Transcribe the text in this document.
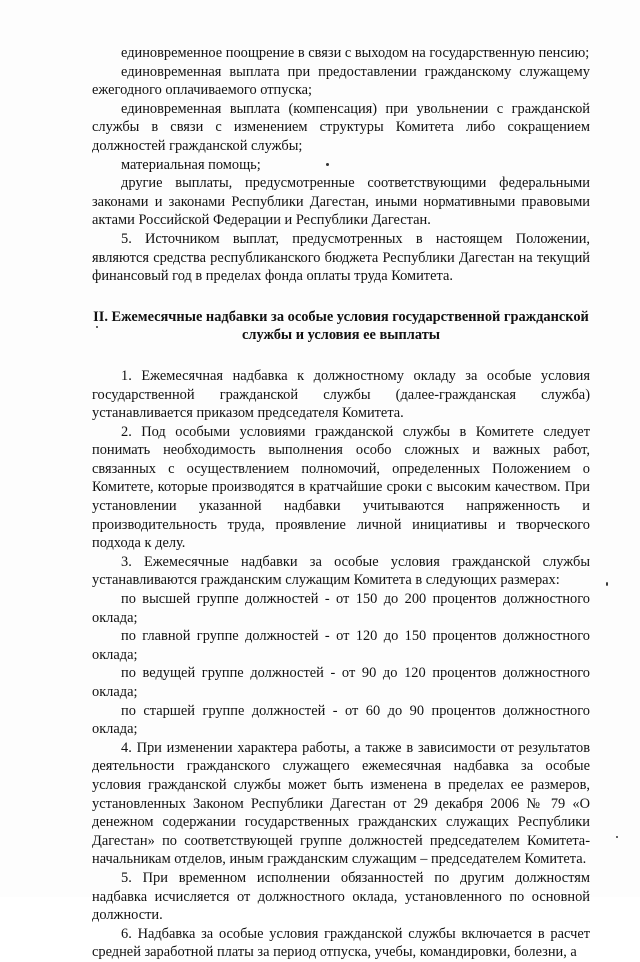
единовременное поощрение в связи с выходом на государственную пенсию;

единовременная выплата при предоставлении гражданскому служащему ежегодного оплачиваемого отпуска;

единовременная выплата (компенсация) при увольнении с гражданской службы в связи с изменением структуры Комитета либо сокращением должностей гражданской службы;

материальная помощь;

другие выплаты, предусмотренные соответствующими федеральными законами и законами Республики Дагестан, иными нормативными правовыми актами Российской Федерации и Республики Дагестан.

5. Источником выплат, предусмотренных в настоящем Положении, являются средства республиканского бюджета Республики Дагестан на текущий финансовый год в пределах фонда оплаты труда Комитета.

II. Ежемесячные надбавки за особые условия государственной гражданской службы и условия ее выплаты

1. Ежемесячная надбавка к должностному окладу за особые условия государственной гражданской службы (далее-гражданская служба) устанавливается приказом председателя Комитета.

2. Под особыми условиями гражданской службы в Комитете следует понимать необходимость выполнения особо сложных и важных работ, связанных с осуществлением полномочий, определенных Положением о Комитете, которые производятся в кратчайшие сроки с высоким качеством. При установлении указанной надбавки учитываются напряженность и производительность труда, проявление личной инициативы и творческого подхода к делу.

3. Ежемесячные надбавки за особые условия гражданской службы устанавливаются гражданским служащим Комитета в следующих размерах:

по высшей группе должностей - от 150 до 200 процентов должностного оклада;

по главной группе должностей - от 120 до 150 процентов должностного оклада;

по ведущей группе должностей - от 90 до 120 процентов должностного оклада;

по старшей группе должностей - от 60 до 90 процентов должностного оклада;

4. При изменении характера работы, а также в зависимости от результатов деятельности гражданского служащего ежемесячная надбавка за особые условия гражданской службы может быть изменена в пределах ее размеров, установленных Законом Республики Дагестан от 29 декабря 2006 № 79 «О денежном содержании государственных гражданских служащих Республики Дагестан» по соответствующей группе должностей председателем Комитета-начальникам отделов, иным гражданским служащим – председателем Комитета.

5. При временном исполнении обязанностей по другим должностям надбавка исчисляется от должностного оклада, установленного по основной должности.

6. Надбавка за особые условия гражданской службы включается в расчет средней заработной платы за период отпуска, учебы, командировки, болезни, а
